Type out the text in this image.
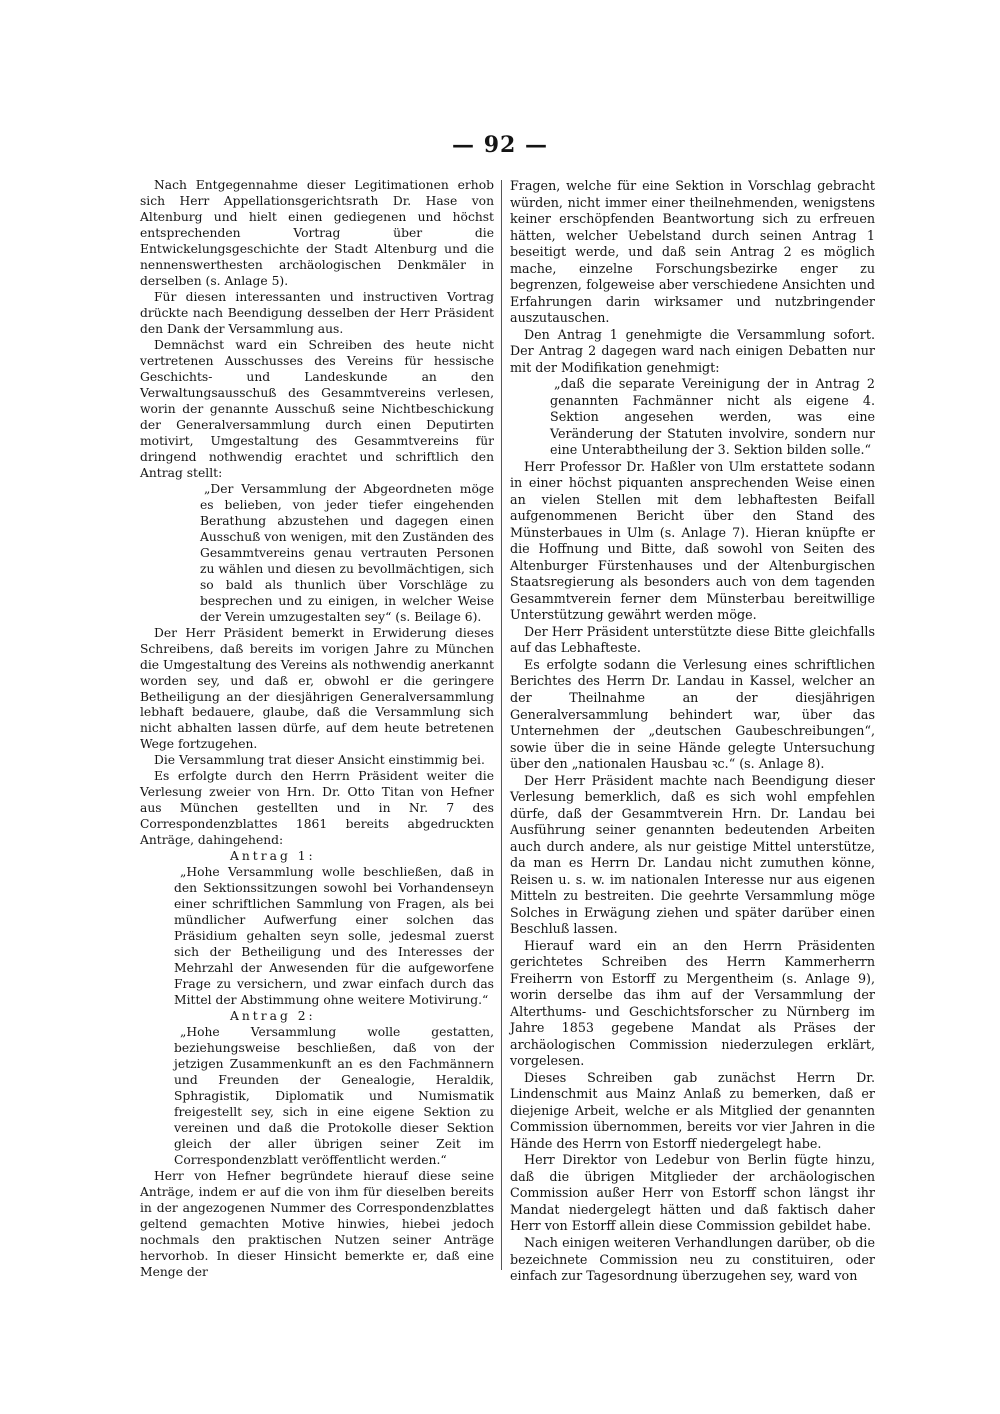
— 92 —

Nach Entgegennahme dieser Legitimationen erhob sich Herr Appellationsgerichtsrath Dr. Hase von Altenburg und hielt einen gediegenen und höchst entsprechenden Vortrag über die Entwickelungsgeschichte der Stadt Altenburg und die nennenswerthesten archäologischen Denkmäler in derselben (s. Anlage 5).

Für diesen interessanten und instructiven Vortrag drückte nach Beendigung desselben der Herr Präsident den Dank der Versammlung aus.

Demnächst ward ein Schreiben des heute nicht vertretenen Ausschusses des Vereins für hessische Geschichts- und Landeskunde an den Verwaltungsausschuß des Gesammtvereins verlesen, worin der genannte Ausschuß seine Nichtbeschickung der Generalversammlung durch einen Deputirten motivirt, Umgestaltung des Gesammtvereins für dringend nothwendig erachtet und schriftlich den Antrag stellt:

„Der Versammlung der Abgeordneten möge es belieben, von jeder tiefer eingehenden Berathung abzustehen und dagegen einen Ausschuß von wenigen, mit den Zuständen des Gesammtvereins genau vertrauten Personen zu wählen und diesen zu bevollmächtigen, sich so bald als thunlich über Vorschläge zu besprechen und zu einigen, in welcher Weise der Verein umzugestalten sey“ (s. Beilage 6).

Der Herr Präsident bemerkt in Erwiderung dieses Schreibens, daß bereits im vorigen Jahre zu München die Umgestaltung des Vereins als nothwendig anerkannt worden sey, und daß er, obwohl er die geringere Betheiligung an der diesjährigen Generalversammlung lebhaft bedauere, glaube, daß die Versammlung sich nicht abhalten lassen dürfe, auf dem heute betretenen Wege fortzugehen.

Die Versammlung trat dieser Ansicht einstimmig bei.

Es erfolgte durch den Herrn Präsident weiter die Verlesung zweier von Hrn. Dr. Otto Titan von Hefner aus München gestellten und in Nr. 7 des Correspondenzblattes 1861 bereits abgedruckten Anträge, dahingehend:

Antrag 1:

„Hohe Versammlung wolle beschließen, daß in den Sektionssitzungen sowohl bei Vorhandenseyn einer schriftlichen Sammlung von Fragen, als bei mündlicher Aufwerfung einer solchen das Präsidium gehalten seyn solle, jedesmal zuerst sich der Betheiligung und des Interesses der Mehrzahl der Anwesenden für die aufgeworfene Frage zu versichern, und zwar einfach durch das Mittel der Abstimmung ohne weitere Motivirung.“

Antrag 2:

„Hohe Versammlung wolle gestatten, beziehungsweise beschließen, daß von der jetzigen Zusammenkunft an es den Fachmännern und Freunden der Genealogie, Heraldik, Sphragistik, Diplomatik und Numismatik freigestellt sey, sich in eine eigene Sektion zu vereinen und daß die Protokolle dieser Sektion gleich der aller übrigen seiner Zeit im Correspondenzblatt veröffentlicht werden.“

Herr von Hefner begründete hierauf diese seine Anträge, indem er auf die von ihm für dieselben bereits in der angezogenen Nummer des Correspondenzblattes geltend gemachten Motive hinwies, hiebei jedoch nochmals den praktischen Nutzen seiner Anträge hervorhob. In dieser Hinsicht bemerkte er, daß eine Menge der

Fragen, welche für eine Sektion in Vorschlag gebracht würden, nicht immer einer theilnehmenden, wenigstens keiner erschöpfenden Beantwortung sich zu erfreuen hätten, welcher Uebelstand durch seinen Antrag 1 beseitigt werde, und daß sein Antrag 2 es möglich mache, einzelne Forschungsbezirke enger zu begrenzen, folgeweise aber verschiedene Ansichten und Erfahrungen darin wirksamer und nutzbringender auszutauschen.

Den Antrag 1 genehmigte die Versammlung sofort. Der Antrag 2 dagegen ward nach einigen Debatten nur mit der Modifikation genehmigt:

„daß die separate Vereinigung der in Antrag 2 genannten Fachmänner nicht als eigene 4. Sektion angesehen werden, was eine Veränderung der Statuten involvire, sondern nur eine Unterabtheilung der 3. Sektion bilden solle.“

Herr Professor Dr. Haßler von Ulm erstattete sodann in einer höchst piquanten ansprechenden Weise einen an vielen Stellen mit dem lebhaftesten Beifall aufgenommenen Bericht über den Stand des Münsterbaues in Ulm (s. Anlage 7). Hieran knüpfte er die Hoffnung und Bitte, daß sowohl von Seiten des Altenburger Fürstenhauses und der Altenburgischen Staatsregierung als besonders auch von dem tagenden Gesammtverein ferner dem Münsterbau bereitwillige Unterstützung gewährt werden möge.

Der Herr Präsident unterstützte diese Bitte gleichfalls auf das Lebhafteste.

Es erfolgte sodann die Verlesung eines schriftlichen Berichtes des Herrn Dr. Landau in Kassel, welcher an der Theilnahme an der diesjährigen Generalversammlung behindert war, über das Unternehmen der „deutschen Gaubeschreibungen“, sowie über die in seine Hände gelegte Untersuchung über den „nationalen Hausbau ꝛc.“ (s. Anlage 8).

Der Herr Präsident machte nach Beendigung dieser Verlesung bemerklich, daß es sich wohl empfehlen dürfe, daß der Gesammtverein Hrn. Dr. Landau bei Ausführung seiner genannten bedeutenden Arbeiten auch durch andere, als nur geistige Mittel unterstütze, da man es Herrn Dr. Landau nicht zumuthen könne, Reisen u. s. w. im nationalen Interesse nur aus eigenen Mitteln zu bestreiten. Die geehrte Versammlung möge Solches in Erwägung ziehen und später darüber einen Beschluß lassen.

Hierauf ward ein an den Herrn Präsidenten gerichtetes Schreiben des Herrn Kammerherrn Freiherrn von Estorff zu Mergentheim (s. Anlage 9), worin derselbe das ihm auf der Versammlung der Alterthums- und Geschichtsforscher zu Nürnberg im Jahre 1853 gegebene Mandat als Präses der archäologischen Commission niederzulegen erklärt, vorgelesen.

Dieses Schreiben gab zunächst Herrn Dr. Lindenschmit aus Mainz Anlaß zu bemerken, daß er diejenige Arbeit, welche er als Mitglied der genannten Commission übernommen, bereits vor vier Jahren in die Hände des Herrn von Estorff niedergelegt habe.

Herr Direktor von Ledebur von Berlin fügte hinzu, daß die übrigen Mitglieder der archäologischen Commission außer Herr von Estorff schon längst ihr Mandat niedergelegt hätten und daß faktisch daher Herr von Estorff allein diese Commission gebildet habe.

Nach einigen weiteren Verhandlungen darüber, ob die bezeichnete Commission neu zu constituiren, oder einfach zur Tagesordnung überzugehen sey, ward von
